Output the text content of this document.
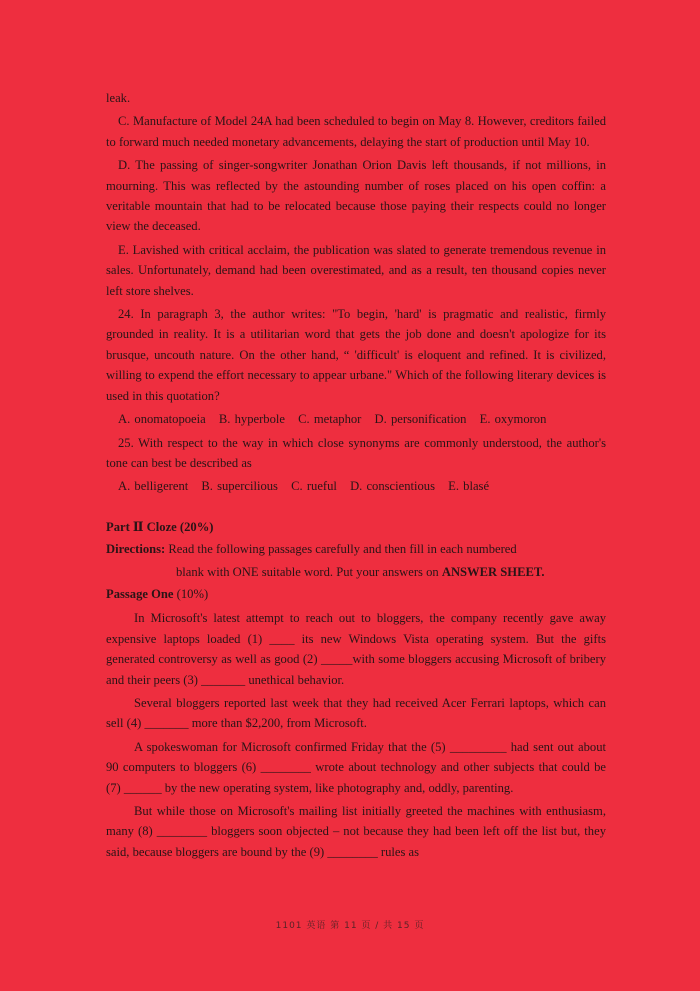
leak.

C. Manufacture of Model 24A had been scheduled to begin on May 8. However, creditors failed to forward much needed monetary advancements, delaying the start of production until May 10.

D. The passing of singer-songwriter Jonathan Orion Davis left thousands, if not millions, in mourning. This was reflected by the astounding number of roses placed on his open coffin: a veritable mountain that had to be relocated because those paying their respects could no longer view the deceased.

E. Lavished with critical acclaim, the publication was slated to generate tremendous revenue in sales. Unfortunately, demand had been overestimated, and as a result, ten thousand copies never left store shelves.

24. In paragraph 3, the author writes: "To begin, 'hard' is pragmatic and realistic, firmly grounded in reality. It is a utilitarian word that gets the job done and doesn't apologize for its brusque, uncouth nature. On the other hand, “ 'difficult' is eloquent and refined. It is civilized, willing to expend the effort necessary to appear urbane." Which of the following literary devices is used in this quotation?

A. onomatopoeia B. hyperbole C. metaphor D. personification E. oxymoron

25. With respect to the way in which close synonyms are commonly understood, the author's tone can best be described as

A. belligerent B. supercilious C. rueful D. conscientious E. blasé

Part Ⅱ Cloze (20%)

Directions: Read the following passages carefully and then fill in each numbered

blank with ONE suitable word. Put your answers on ANSWER SHEET.

Passage One (10%)

In Microsoft's latest attempt to reach out to bloggers, the company recently gave away expensive laptops loaded (1) ____ its new Windows Vista operating system. But the gifts generated controversy as well as good (2) _____with some bloggers accusing Microsoft of bribery and their peers (3) _______ unethical behavior.

Several bloggers reported last week that they had received Acer Ferrari laptops, which can sell (4) _______ more than $2,200, from Microsoft.

A spokeswoman for Microsoft confirmed Friday that the (5) _________ had sent out about 90 computers to bloggers (6) ________ wrote about technology and other subjects that could be (7) ______ by the new operating system, like photography and, oddly, parenting.

But while those on Microsoft's mailing list initially greeted the machines with enthusiasm, many (8) ________ bloggers soon objected – not because they had been left off the list but, they said, because bloggers are bound by the (9) ________ rules as

1101 英语 第 11 页 / 共 15 页
